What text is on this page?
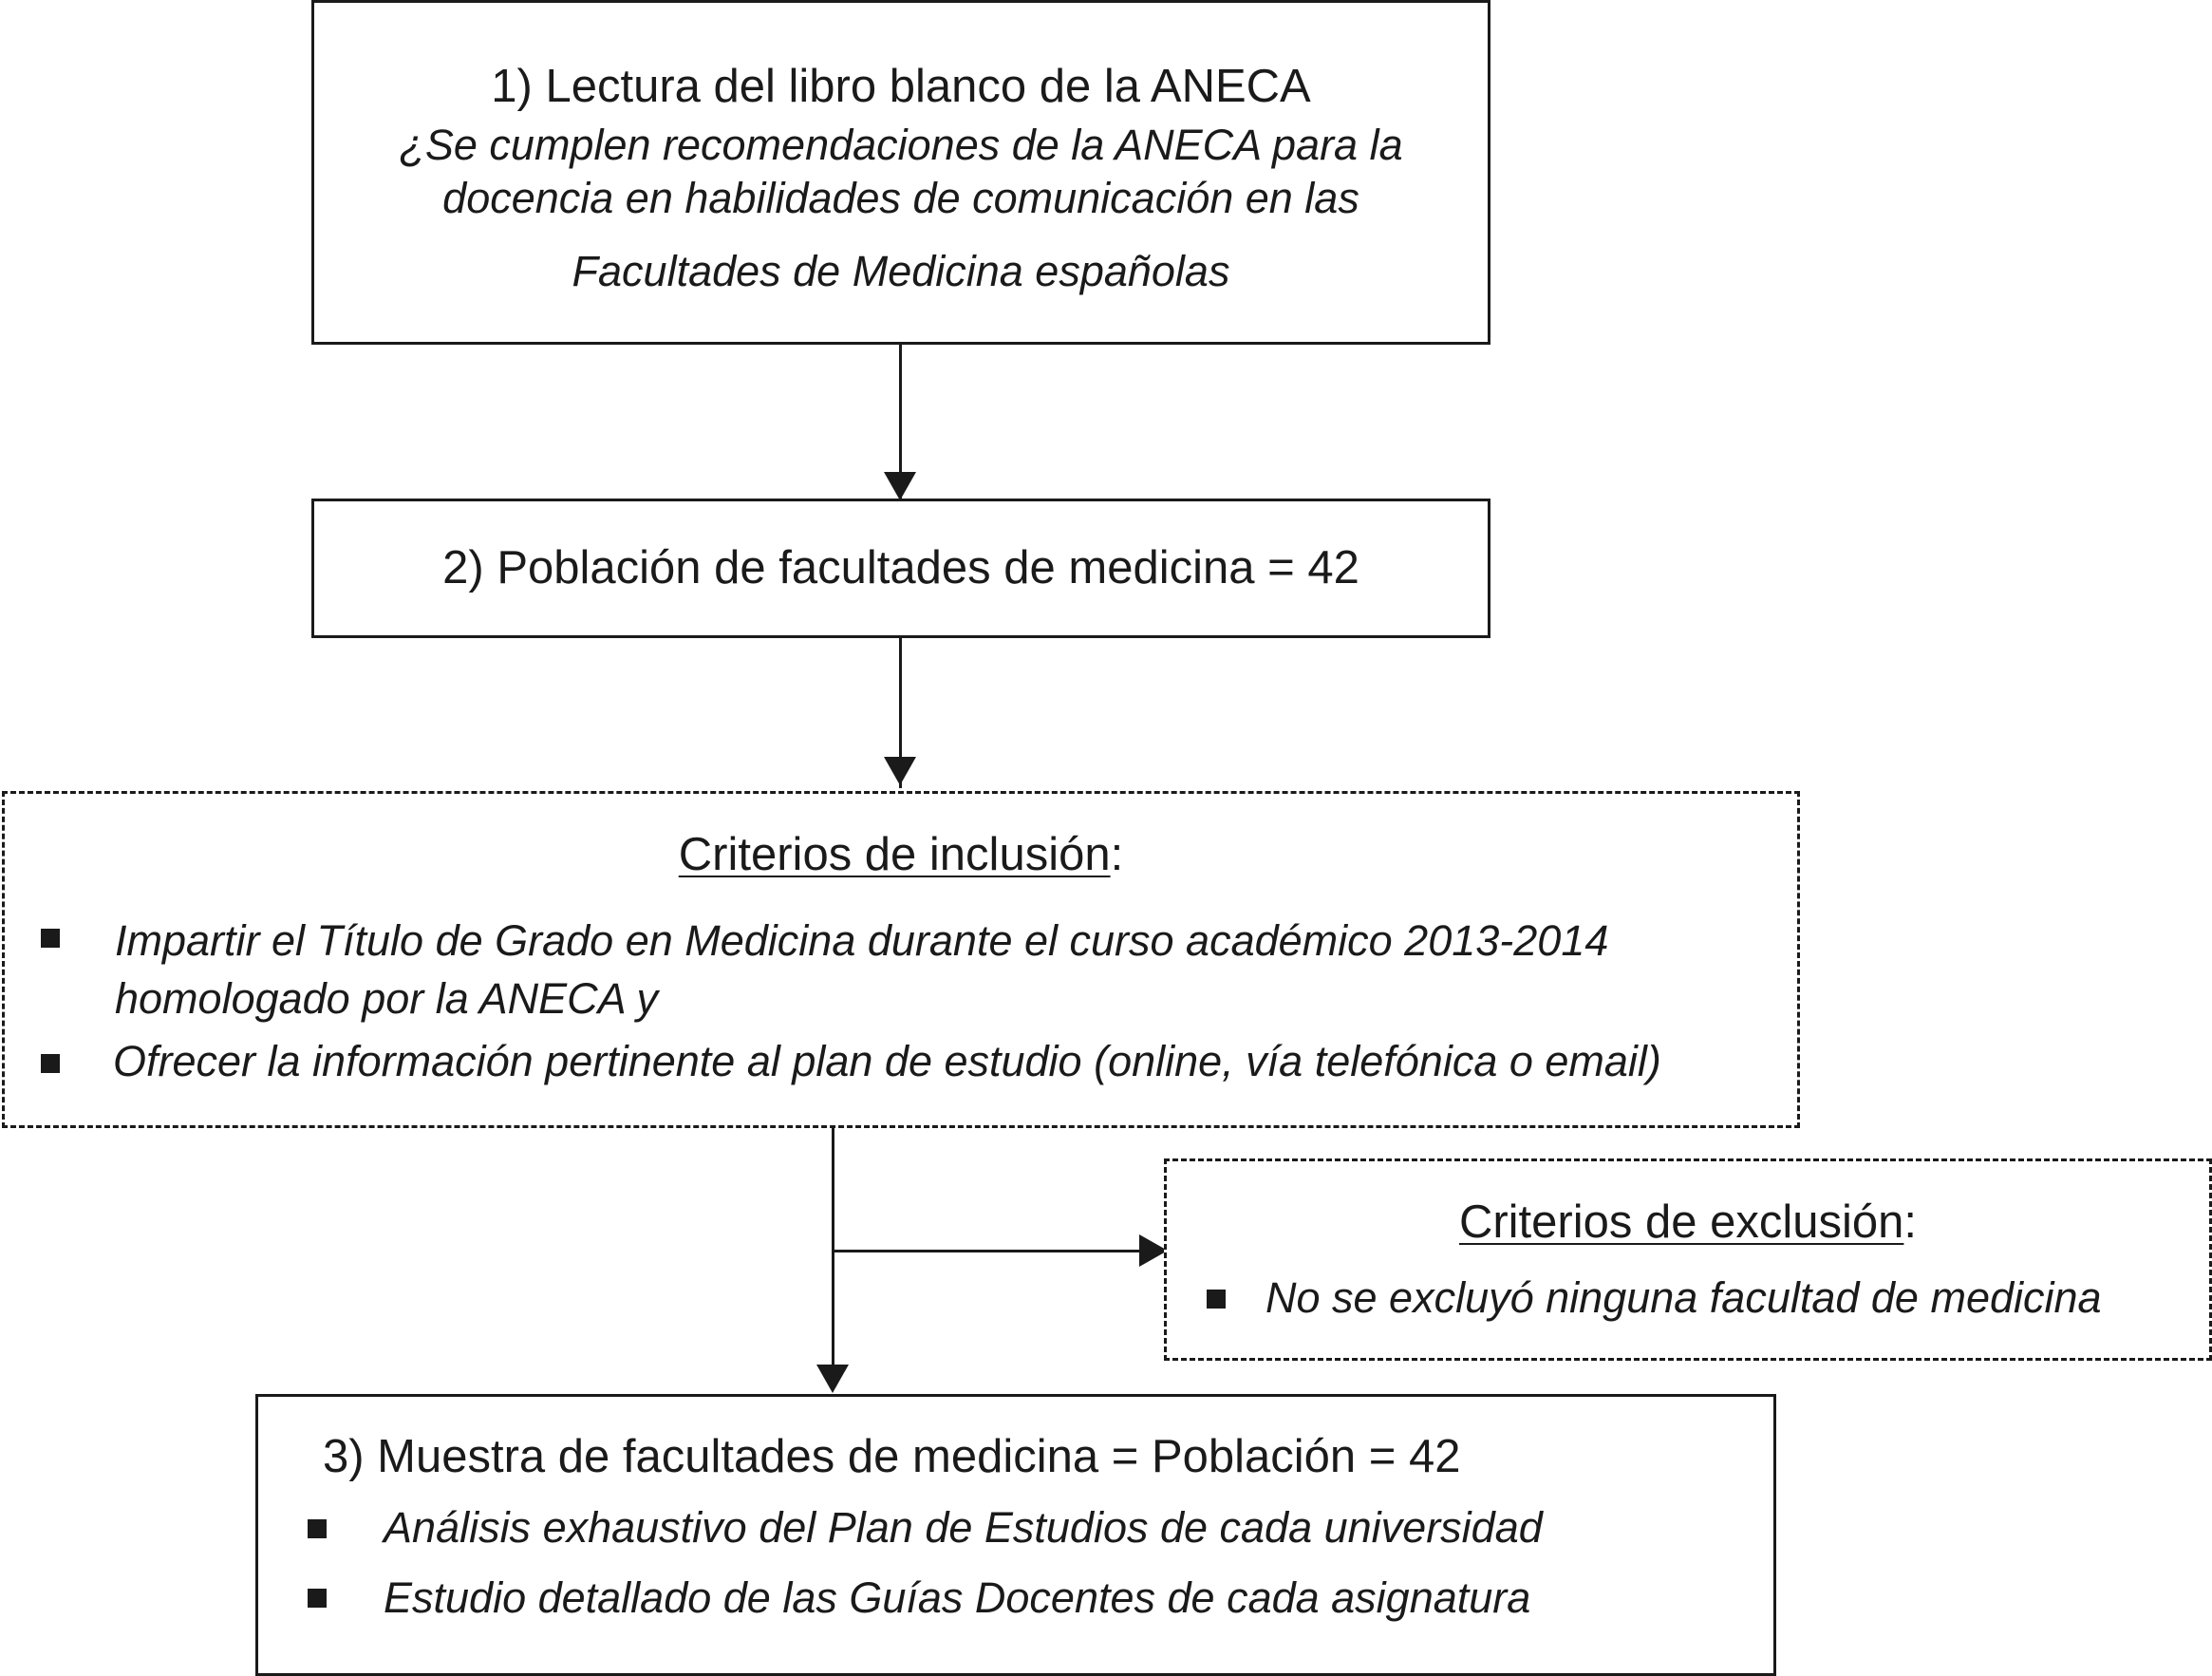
1) Lectura del libro blanco de la ANECA
¿Se cumplen recomendaciones de la ANECA para la
docencia en habilidades de comunicación en las
Facultades de Medicina españolas
2) Población de facultades de medicina = 42
Criterios de inclusión:
Impartir el Título de Grado en Medicina durante el curso académico 2013-2014
homologado por la ANECA y
Ofrecer la información pertinente al plan de estudio (online, vía telefónica o email)
Criterios de exclusión:
No se excluyó ninguna facultad de medicina
3) Muestra de facultades de medicina = Población = 42
Análisis exhaustivo del Plan de Estudios de cada universidad
Estudio detallado de las Guías Docentes de cada asignatura
